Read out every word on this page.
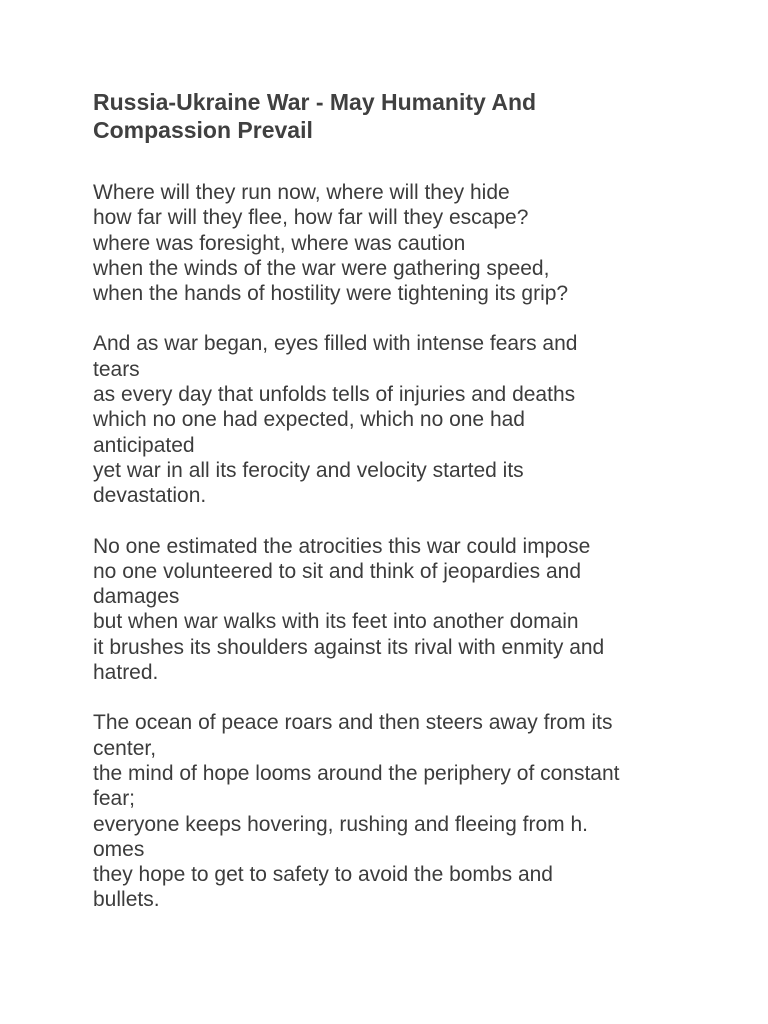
Russia-Ukraine War - May Humanity And
Compassion Prevail
Where will they run now, where will they hide
how far will they flee, how far will they escape?
where was foresight, where was caution
when the winds of the war were gathering speed,
when the hands of hostility were tightening its grip?
And as war began, eyes filled with intense fears and
tears
as every day that unfolds tells of injuries and deaths
which no one had expected, which no one had
anticipated
yet war in all its ferocity and velocity started its
devastation.
No one estimated the atrocities this war could impose
no one volunteered to sit and think of jeopardies and
damages
but when war walks with its feet into another domain
it brushes its shoulders against its rival with enmity and
hatred.
The ocean of peace roars and then steers away from its
center,
the mind of hope looms around the periphery of constant
fear;
everyone keeps hovering, rushing and fleeing from h.
omes
they hope to get to safety to avoid the bombs and
bullets.
